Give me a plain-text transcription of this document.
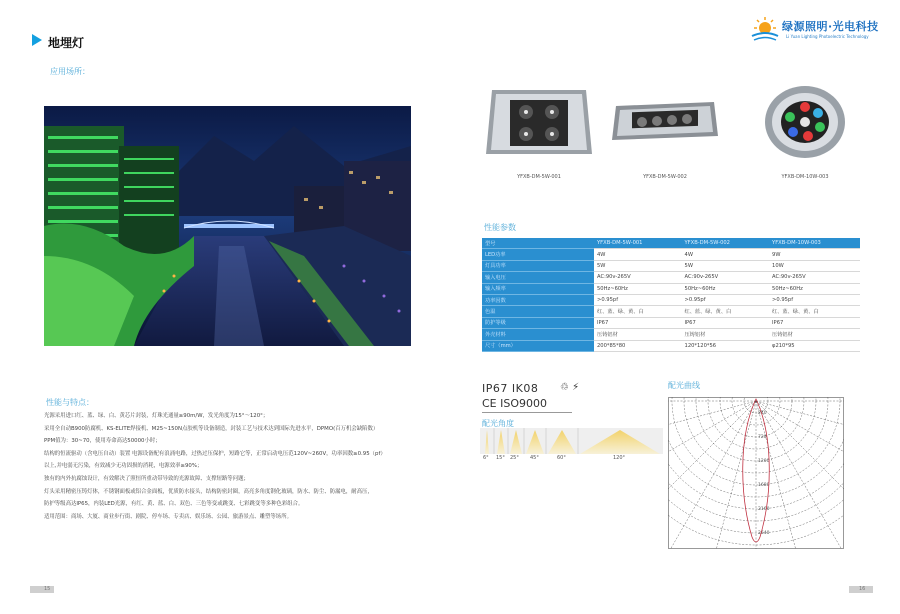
地埋灯
应用场所：
性能与特点：
光源采用进口红、蓝、绿、白、黄芯片封装，灯珠光通量≥90m/W，发光角度为15°～120°；
采用全自动B900防腐机、KS-ELITE焊接机、M25~150N点胶机等设备制造，封装工艺与技术达到国际先进水平，DPMO(百万机会缺陷数）
PPM值为：30~70，使用寿命高达50000小时；
结构的恒流驱动（含电压自动）装置 电源设备配有浪涌电路，过热过压保护，短路它等，正常启动电压范120V~260V，功率因数≥0.95（pf）
以上,并电弱无污染，有效减少无功固损的消耗，电源效率≥90%；
独有的内外抗腐蚀设计，有效解决了照恒所重动带导致的光源故障、支撑短路等问题；
灯头采用精密压铸灯体，不锈钢面板或铝合金面板，优质防水接头，结构防密封圈，高亮多角度钢化玻璃，防水、防尘、防漏电，耐高压，
防护等级高达IP65，内装LED光源，有红、黄、蓝、白、双色、三色等变或跳变、七彩跳变等多种色彩组合。
适用范围：商场、大厦、商业步行街、剧院、停车场、专卖店、娱乐场、公园、旅游景点、雕塑等场所。
绿源照明·光电科技
Li Yuan Lighting Photoelectric Technology
YFXB-DM-5W-001	YFXB-DM-5W-002	YFXB-DM-10W-003
性能参数
型号	YFXB-DM-5W-001	YFXB-DM-5W-002	YFXB-DM-10W-003
LED功率	4W	4W	9W
灯具功率	5W	5W	10W
输入电压	AC:90v-265V	AC:90v-265V	AC:90v-265V
输入频率	50Hz~60Hz	50Hz~60Hz	50Hz~60Hz
功率因数	>0.95pf	>0.95pf	>0.95pf
色温	红、蓝、绿、黄、白	红、蓝、绿、黄、白	红、蓝、绿、黄、白
防护等级	IP67	IP67	IP67
外壳材料	压铸铝材	压铸铝材	压铸铝材
尺寸（mm）	200*85*80	120*120*56	φ210*95
IP67 IK08 ♲ ⚡
CE ISO9000
配光角度
6° 15° 25° 45°	60°	120°
配光曲线
240
720
1200
1680
2160
2640
15	16
